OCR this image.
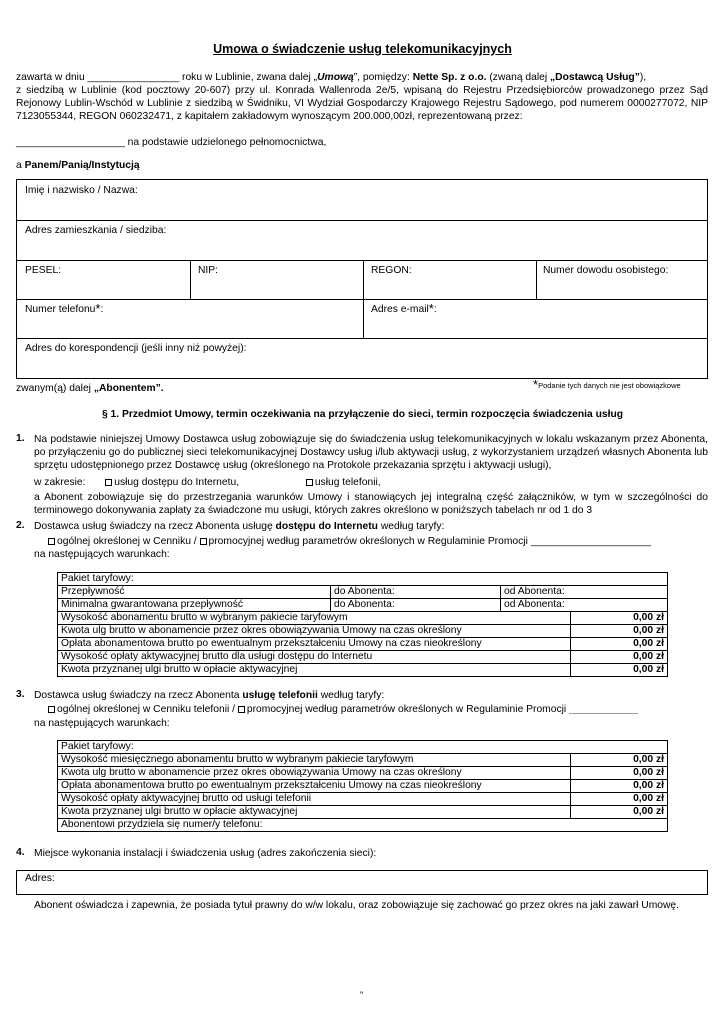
Umowa o świadczenie usług telekomunikacyjnych
zawarta w dniu ________________ roku w Lublinie, zwana dalej „Umową”, pomiędzy: Nette Sp. z o.o. (zwaną dalej „Dostawcą Usług”),
z siedzibą w Lublinie (kod pocztowy 20-607) przy ul. Konrada Wallenroda 2e/5, wpisaną do Rejestru Przedsiębiorców prowadzonego przez Sąd Rejonowy Lublin-Wschód w Lublinie z siedzibą w Świdniku, VI Wydział Gospodarczy Krajowego Rejestru Sądowego, pod numerem 0000277072, NIP 7123055344, REGON 060232471, z kapitałem zakładowym wynoszącym 200.000,00zł, reprezentowaną przez:
___________________ na podstawie udzielonego pełnomocnictwa,
a Panem/Panią/Instytucją
Imię i nazwisko / Nazwa:
Adres zamieszkania / siedziba:
PESEL:	NIP:	REGON:	Numer dowodu osobistego:
Numer telefonu*:	Adres e-mail*:
Adres do korespondencji (jeśli inny niż powyżej):
zwanym(ą) dalej „Abonentem”.	*Podanie tych danych nie jest obowiązkowe
§ 1. Przedmiot Umowy, termin oczekiwania na przyłączenie do sieci, termin rozpoczęcia świadczenia usług
1. Na podstawie niniejszej Umowy Dostawca usług zobowiązuje się do świadczenia usług telekomunikacyjnych w lokalu wskazanym przez Abonenta, po przyłączeniu go do publicznej sieci telekomunikacyjnej Dostawcy usług i/lub aktywacji usług, z wykorzystaniem urządzeń własnych Abonenta lub sprzętu udostępnionego przez Dostawcę usług (określonego na Protokole przekazania sprzętu i aktywacji usługi),
w zakresie:	usług dostępu do Internetu,	usług telefonii,
a Abonent zobowiązuje się do przestrzegania warunków Umowy i stanowiących jej integralną część załączników, w tym w szczególności do terminowego dokonywania zapłaty za świadczone mu usługi, których zakres określono w poniższych tabelach nr od 1 do 3
2. Dostawca usług świadczy na rzecz Abonenta usługę dostępu do Internetu według taryfy:
ogólnej określonej w Cenniku / promocyjnej według parametrów określonych w Regulaminie Promocji _____________________
na następujących warunkach:
Pakiet taryfowy:		
Przepływność	do Abonenta:	od Abonenta:
Minimalna gwarantowana przepływność	do Abonenta:	od Abonenta:
Wysokość abonamentu brutto w wybranym pakiecie taryfowym	0,00 zł
Kwota ulg brutto w abonamencie przez okres obowiązywania Umowy na czas określony	0,00 zł
Opłata abonamentowa brutto po ewentualnym przekształceniu Umowy na czas nieokreślony	0,00 zł
Wysokość opłaty aktywacyjnej brutto dla usługi dostępu do Internetu	0,00 zł
Kwota przyznanej ulgi brutto w opłacie aktywacyjnej	0,00 zł
3. Dostawca usług świadczy na rzecz Abonenta usługę telefonii według taryfy:
ogólnej określonej w Cenniku telefonii / promocyjnej według parametrów określonych w Regulaminie Promocji ____________
na następujących warunkach:
Pakiet taryfowy:	
Wysokość miesięcznego abonamentu brutto w wybranym pakiecie taryfowym	0,00 zł
Kwota ulg brutto w abonamencie przez okres obowiązywania Umowy na czas określony	0,00 zł
Opłata abonamentowa brutto po ewentualnym przekształceniu Umowy na czas nieokreślony	0,00 zł
Wysokość opłaty aktywacyjnej brutto od usługi telefonii	0,00 zł
Kwota przyznanej ulgi brutto w opłacie aktywacyjnej	0,00 zł
Abonentowi przydziela się numer/y telefonu:	
4. Miejsce wykonania instalacji i świadczenia usług (adres zakończenia sieci):
Adres:
Abonent oświadcza i zapewnia, że posiada tytuł prawny do w/w lokalu, oraz zobowiązuje się zachować go przez okres na jaki zawarł Umowę.
"
